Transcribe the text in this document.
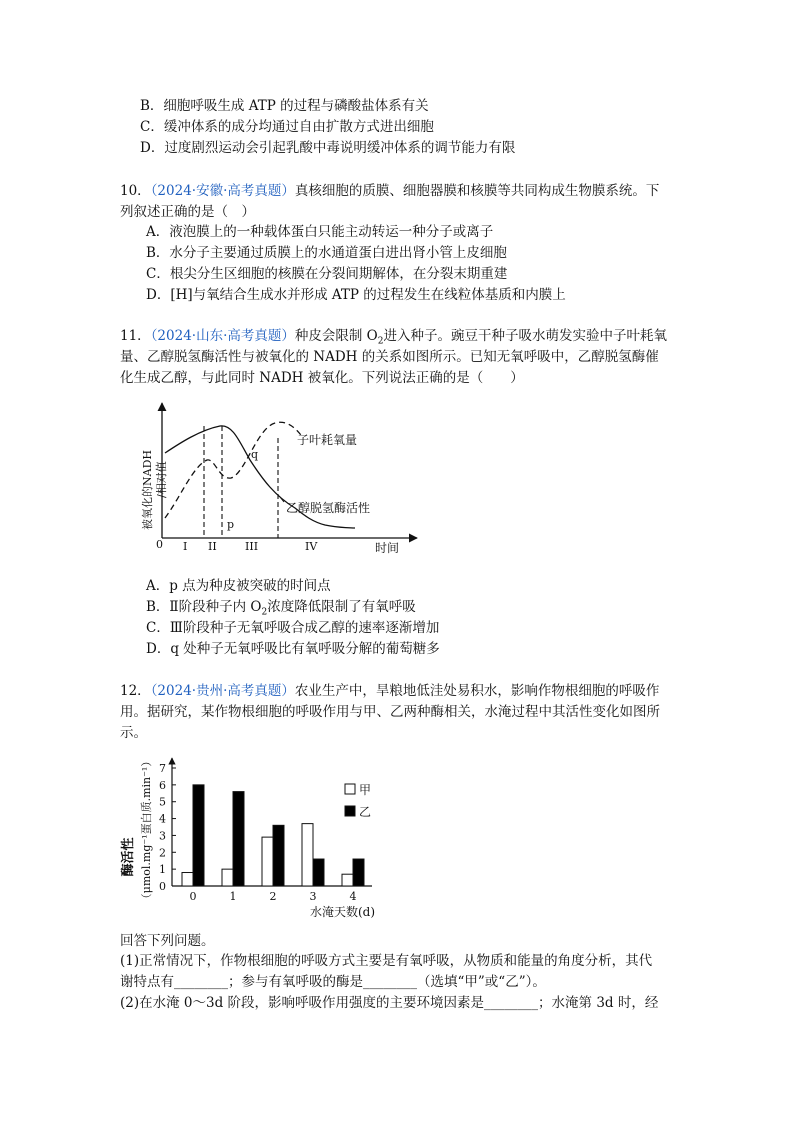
B．细胞呼吸生成 ATP 的过程与磷酸盐体系有关
C．缓冲体系的成分均通过自由扩散方式进出细胞
D．过度剧烈运动会引起乳酸中毒说明缓冲体系的调节能力有限
10．（2024·安徽·高考真题）真核细胞的质膜、细胞器膜和核膜等共同构成生物膜系统。下
列叙述正确的是（　）
A．液泡膜上的一种载体蛋白只能主动转运一种分子或离子
B．水分子主要通过质膜上的水通道蛋白进出肾小管上皮细胞
C．根尖分生区细胞的核膜在分裂间期解体，在分裂末期重建
D．[H]与氧结合生成水并形成 ATP 的过程发生在线粒体基质和内膜上
11．（2024·山东·高考真题）种皮会限制 $O_2$进入种子。豌豆干种子吸水萌发实验中子叶耗氧
量、乙醇脱氢酶活性与被氧化的 NADH 的关系如图所示。已知无氧呼吸中，乙醇脱氢酶催
化生成乙醇，与此同时 NADH 被氧化。下列说法正确的是（　　）
被氧化的NADH /相对值
0 I II	III	IV	时间
p
q
子叶耗氧量
乙醇脱氢酶活性
A．p 点为种皮被突破的时间点
B．Ⅱ阶段种子内 $O_2$浓度降低限制了有氧呼吸
C．Ⅲ阶段种子无氧呼吸合成乙醇的速率逐渐增加
D．q 处种子无氧呼吸比有氧呼吸分解的葡萄糖多
12．（2024·贵州·高考真题）农业生产中，旱粮地低洼处易积水，影响作物根细胞的呼吸作
用。据研究，某作物根细胞的呼吸作用与甲、乙两种酶相关，水淹过程中其活性变化如图所
示。
0
1
2
3
4
5
6
7
0	1	2	3	4
甲
乙
酶活性 （μmol.mg⁻¹蛋白质.min⁻¹）
水淹天数(d)
回答下列问题。
(1)正常情况下，作物根细胞的呼吸方式主要是有氧呼吸，从物质和能量的角度分析，其代
谢特点有________；参与有氧呼吸的酶是________（选填“甲”或“乙”）。
(2)在水淹 0～3d 阶段，影响呼吸作用强度的主要环境因素是________；水淹第 3d 时，经
